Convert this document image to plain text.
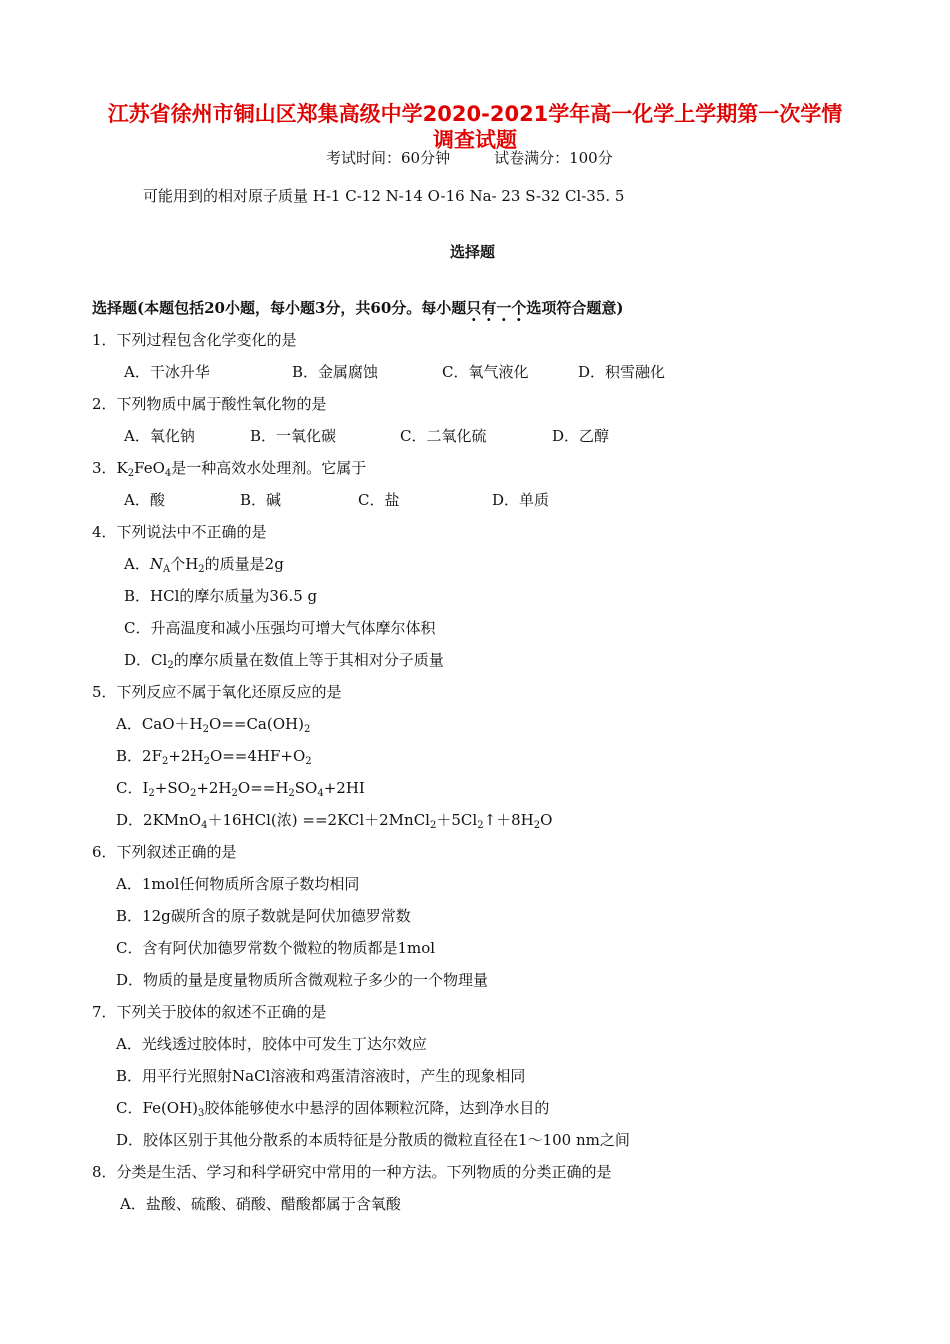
江苏省徐州市铜山区郑集高级中学2020-2021学年高一化学上学期第一次学情
调查试题
考试时间：60分钟	试卷满分：100分
可能用到的相对原子质量 H-1 C-12 N-14 O-16 Na- 23 S-32 Cl-35. 5
选择题
选择题(本题包括20小题，每小题3分，共60分。每小题只有一个选项符合题意)
1．下列过程包含化学变化的是
A．干冰升华	B．金属腐蚀	C．氧气液化	D．积雪融化
2．下列物质中属于酸性氧化物的是
A．氧化钠	B．一氧化碳	C．二氧化硫	D．乙醇
3．$K_2FeO_4$是一种高效水处理剂。它属于
A．酸	B．碱	C．盐	D．单质
4．下列说法中不正确的是
A．$N_A$个$H_2$的质量是2g
B．HCl的摩尔质量为36.5 g
C．升高温度和减小压强均可增大气体摩尔体积
D．$Cl_2$的摩尔质量在数值上等于其相对分子质量
5．下列反应不属于氧化还原反应的是
A．$CaO+H_2O==Ca(OH)_2$
B．$2F_2+2H_2O==4HF+O_2$
C．$I_2+SO_2+2H_2O==H_2SO_4+2HI$
D．2KMnO$_4$＋16HCl(浓) $==2KCl+2MnCl_2+5Cl_2↑+8H_2O$
6．下列叙述正确的是
A．1mol任何物质所含原子数均相同
B．12g碳所含的原子数就是阿伏加德罗常数
C．含有阿伏加德罗常数个微粒的物质都是1mol
D．物质的量是度量物质所含微观粒子多少的一个物理量
7．下列关于胶体的叙述不正确的是
A．光线透过胶体时，胶体中可发生丁达尔效应
B．用平行光照射NaCl溶液和鸡蛋清溶液时，产生的现象相同
C．$Fe(OH)_3$胶体能够使水中悬浮的固体颗粒沉降，达到净水目的
D．胶体区别于其他分散系的本质特征是分散质的微粒直径在1～100 nm之间
8．分类是生活、学习和科学研究中常用的一种方法。下列物质的分类正确的是
A．盐酸、硫酸、硝酸、醋酸都属于含氧酸
